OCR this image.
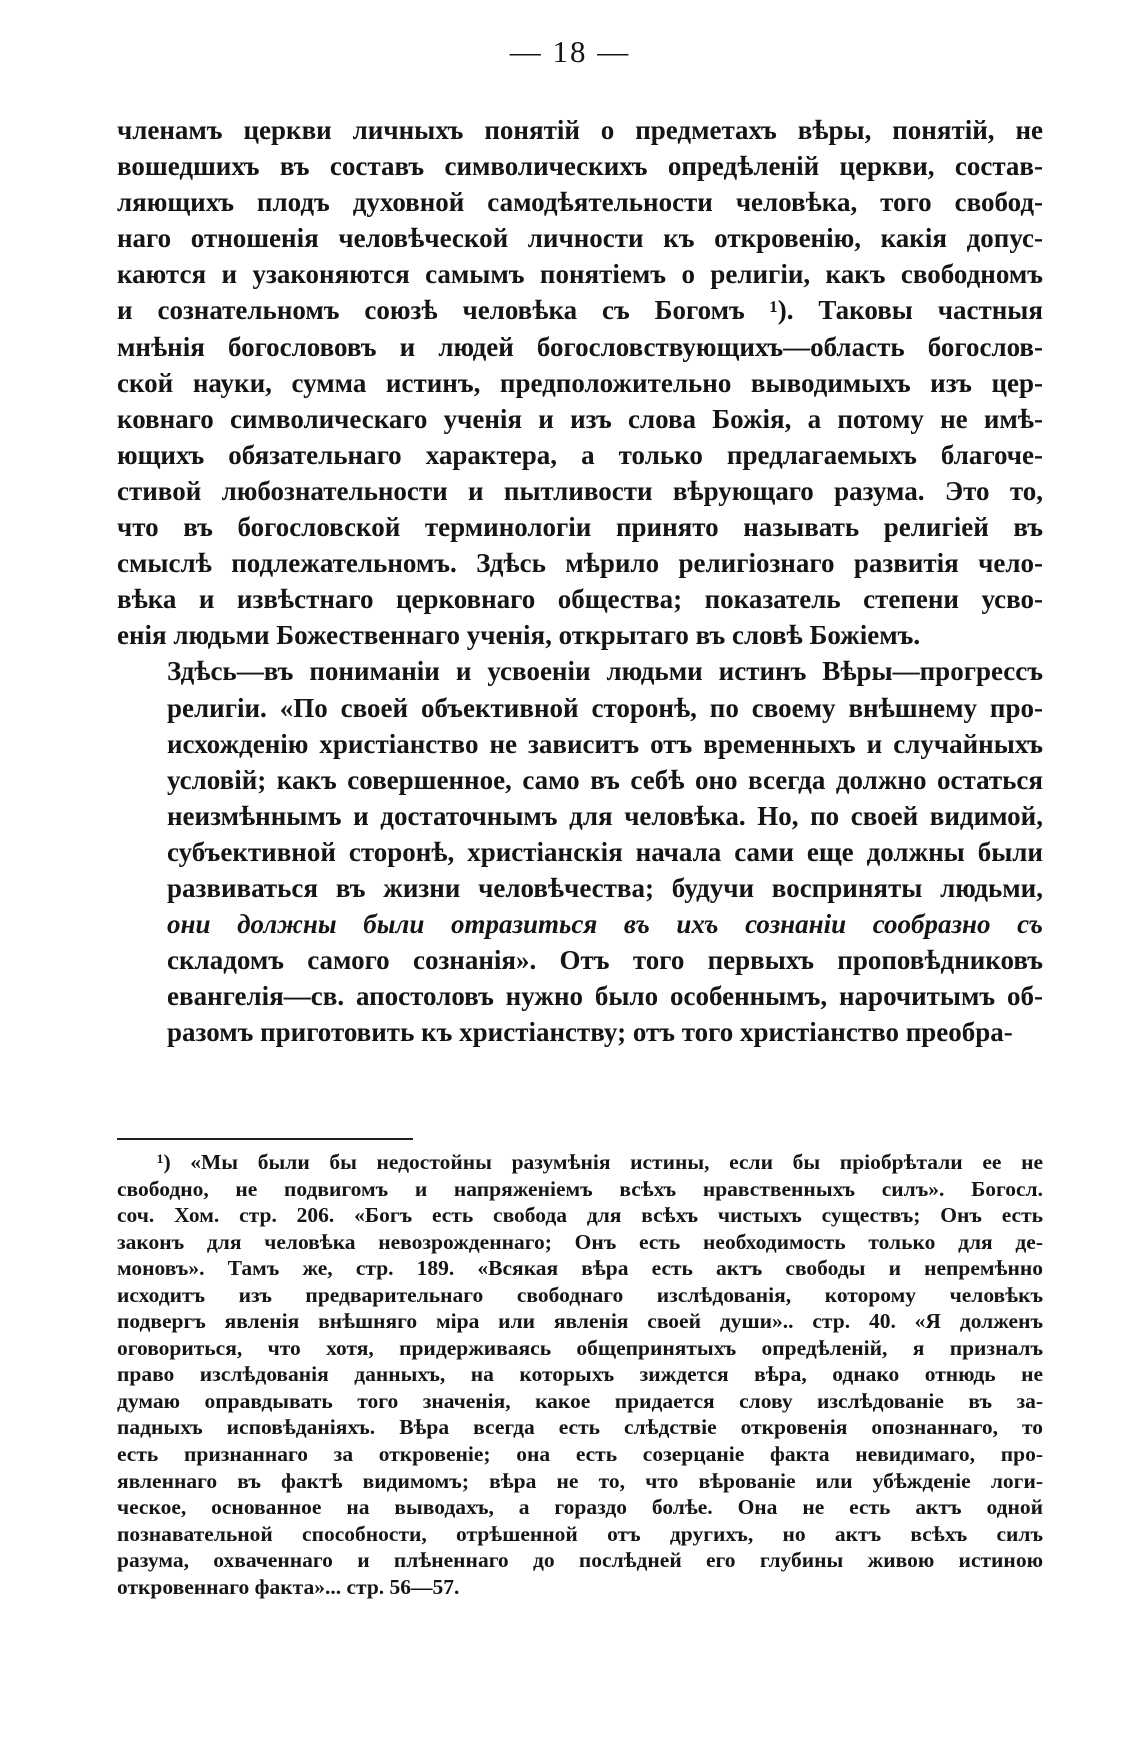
— 18 —

членамъ церкви личныхъ понятій о предметахъ вѣры, понятій, не
вошедшихъ въ составъ символическихъ опредѣленій церкви, состав-
ляющихъ плодъ духовной самодѣятельности человѣка, того свобод-
наго отношенія человѣческой личности къ откровенію, какія допус-
каются и узаконяются самымъ понятіемъ о религіи, какъ свободномъ
и сознательномъ союзѣ человѣка съ Богомъ ¹). Таковы частныя
мнѣнія богослововъ и людей богословствующихъ—область богослов-
ской науки, сумма истинъ, предположительно выводимыхъ изъ цер-
ковнаго символическаго ученія и изъ слова Божія, а потому не имѣ-
ющихъ обязательнаго характера, а только предлагаемыхъ благоче-
стивой любознательности и пытливости вѣрующаго разума. Это то,
что въ богословской терминологіи принято называть религіей въ
смыслѣ подлежательномъ. Здѣсь мѣрило религіознаго развитія чело-
вѣка и извѣстнаго церковнаго общества; показатель степени усво-
енія людьми Божественнаго ученія, открытаго въ словѣ Божіемъ.

Здѣсь—въ пониманіи и усвоеніи людьми истинъ Вѣры—прогрессъ
религіи. «По своей объективной сторонѣ, по своему внѣшнему про-
исхожденію христіанство не зависитъ отъ временныхъ и случайныхъ
условій; какъ совершенное, само въ себѣ оно всегда должно остаться
неизмѣннымъ и достаточнымъ для человѣка. Но, по своей видимой,
субъективной сторонѣ, христіанскія начала сами еще должны были
развиваться въ жизни человѣчества; будучи восприняты людьми,
они должны были отразиться въ ихъ сознаніи сообразно съ
складомъ самого сознанія». Отъ того первыхъ проповѣдниковъ
евангелія—св. апостоловъ нужно было особеннымъ, нарочитымъ об-
разомъ приготовить къ христіанству; отъ того христіанство преобра-

¹) «Мы были бы недостойны разумѣнія истины, если бы пріобрѣтали ее не
свободно, не подвигомъ и напряженіемъ всѣхъ нравственныхъ силъ». Богосл.
соч. Хом. стр. 206. «Богъ есть свобода для всѣхъ чистыхъ существъ; Онъ есть
законъ для человѣка невозрожденнаго; Онъ есть необходимость только для де-
моновъ». Тамъ же, стр. 189. «Всякая вѣра есть актъ свободы и непремѣнно
исходитъ изъ предварительнаго свободнаго изслѣдованія, которому человѣкъ
подвергъ явленія внѣшняго міра или явленія своей души».. стр. 40. «Я долженъ
оговориться, что хотя, придерживаясь общепринятыхъ опредѣленій, я призналъ
право изслѣдованія данныхъ, на которыхъ зиждется вѣра, однако отнюдь не
думаю оправдывать того значенія, какое придается слову изслѣдованіе въ за-
падныхъ исповѣданіяхъ. Вѣра всегда есть слѣдствіе откровенія опознаннаго, то
есть признаннаго за откровеніе; она есть созерцаніе факта невидимаго, про-
явленнаго въ фактѣ видимомъ; вѣра не то, что вѣрованіе или убѣжденіе логи-
ческое, основанное на выводахъ, а гораздо болѣе. Она не есть актъ одной
познавательной способности, отрѣшенной отъ другихъ, но актъ всѣхъ силъ
разума, охваченнаго и плѣненнаго до послѣдней его глубины живою истиною
откровеннаго факта»... стр. 56—57.
